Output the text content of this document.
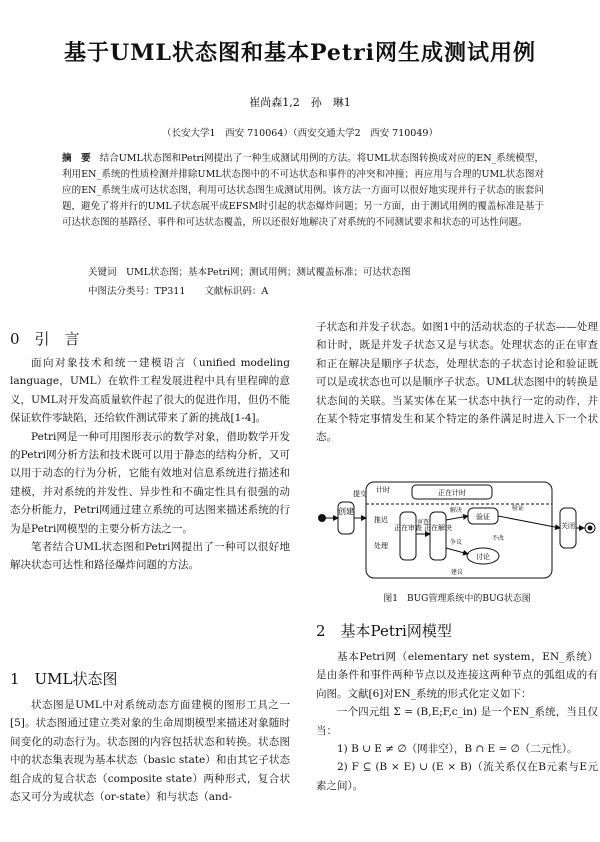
基于UML状态图和基本Petri网生成测试用例
崔尚森1,2　孙　琳1
（长安大学1　西安 710064）（西安交通大学2　西安 710049）
摘　要 结合UML状态图和Petri网提出了一种生成测试用例的方法。将UML状态图转换成对应的EN_系统模型，利用EN_系统的性质检测并排除UML状态图中的不可达状态和事件的冲突和冲撞；再应用与合理的UML状态图对应的EN_系统生成可达状态图，利用可达状态图生成测试用例。该方法一方面可以很好地实现并行子状态的嵌套问题，避免了将并行的UML子状态展平成EFSM时引起的状态爆炸问题；另一方面，由于测试用例的覆盖标准是基于可达状态图的基路径、事件和可达状态覆盖，所以还很好地解决了对系统的不同测试要求和状态的可达性问题。
关键词　UML状态图；基本Petri网；测试用例；测试覆盖标准；可达状态图
中图法分类号：TP311　　文献标识码：A
0　引　言

面向对象技术和统一建模语言（unified modeling language，UML）在软件工程发展进程中具有里程碑的意义，UML对开发高质量软件起了很大的促进作用，但仍不能保证软件零缺陷，还给软件测试带来了新的挑战[1-4]。

Petri网是一种可用图形表示的数学对象，借助数学开发的Petri网分析方法和技术既可以用于静态的结构分析，又可以用于动态的行为分析，它能有效地对信息系统进行描述和建模，并对系统的并发性、异步性和不确定性具有很强的动态分析能力，Petri网通过建立系统的可达图来描述系统的行为是Petri网模型的主要分析方法之一。

笔者结合UML状态图和Petri网提出了一种可以很好地解决状态可达性和路径爆炸问题的方法。

1　UML状态图

状态图是UML中对系统动态方面建模的图形工具之一[5]。状态图通过建立类对象的生命周期模型来描述对象随时间变化的动态行为。状态图的内容包括状态和转换。状态图中的状态集表现为基本状态（basic state）和由其它子状态组合成的复合状态（composite state）两种形式，复合状态又可分为或状态（or-state）和与状态（and-

子状态和并发子状态。如图1中的活动状态的子状态——处理和计时，既是并发子状态又是与状态。处理状态的正在审查和正在解决是顺序子状态，处理状态的子状态讨论和验证既可以是或状态也可以是顺序子状态。UML状态图中的转换是状态间的关联。当某实体在某一状态中执行一定的动作，并在某个特定事情发生和某个特定的条件满足时进入下一个状态。

创建
提交 计时	正在计时
处理
推迟
正在审查 正在解决
审查
验证
解决
讨论
争议
不改
建议
验证
关闭
图1　BUG管理系统中的BUG状态图
2　基本Petri网模型

基本Petri网（elementary net system，EN_系统）是由条件和事件两种节点以及连接这两种节点的弧组成的有向图。文献[6]对EN_系统的形式化定义如下：

一个四元组 Σ = (B,E;F,c_in) 是一个EN_系统，当且仅当：

1) B ∪ E ≠ ∅（网非空），B ∩ E = ∅（二元性）。

2) F ⊆ (B × E) ∪ (E × B)（流关系仅在B元素与E元素之间）。
